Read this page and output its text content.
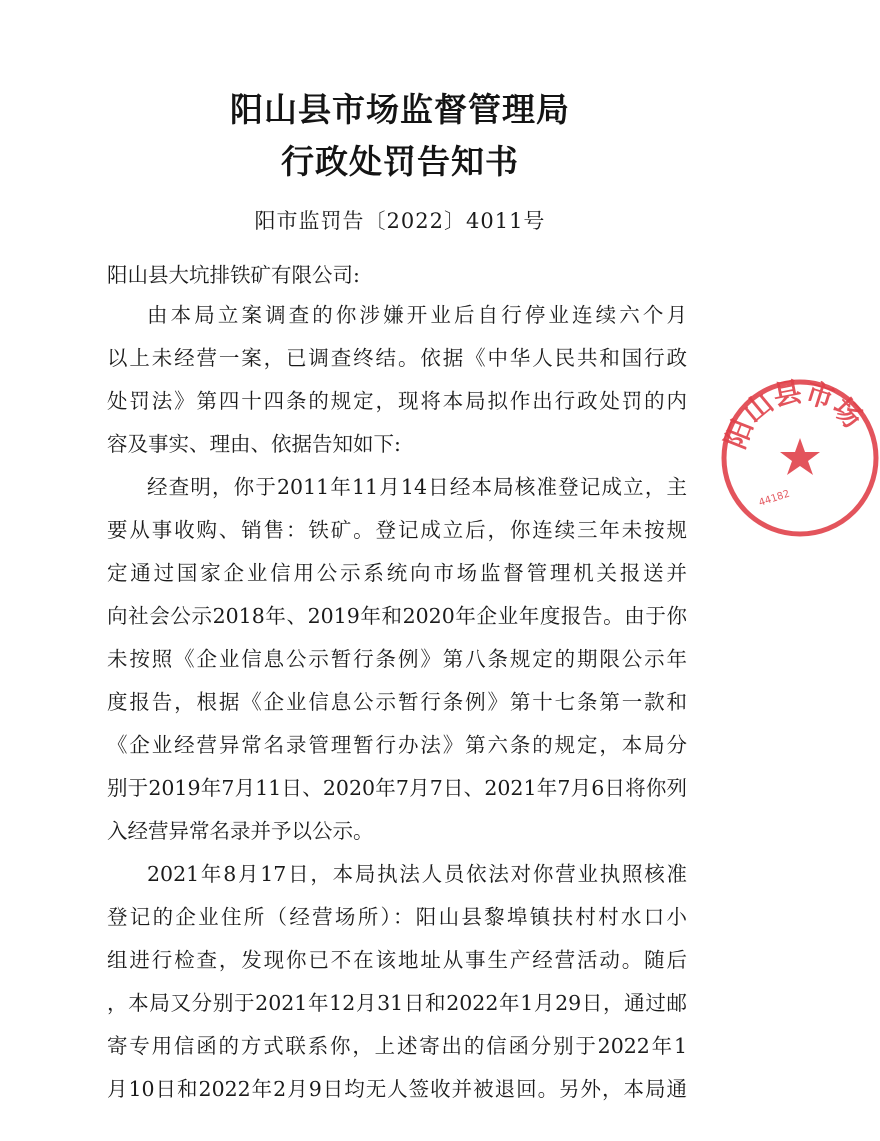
阳山县市场监督管理局
行政处罚告知书
阳市监罚告〔2022〕4011号
阳山县大坑排铁矿有限公司:
由本局立案调查的你涉嫌开业后自行停业连续六个月
以上未经营一案，已调查终结。依据《中华人民共和国行政
处罚法》第四十四条的规定，现将本局拟作出行政处罚的内
容及事实、理由、依据告知如下:
经查明，你于2011年11月14日经本局核准登记成立，主
要从事收购、销售：铁矿。登记成立后，你连续三年未按规
定通过国家企业信用公示系统向市场监督管理机关报送并
向社会公示2018年、2019年和2020年企业年度报告。由于你
未按照《企业信息公示暂行条例》第八条规定的期限公示年
度报告，根据《企业信息公示暂行条例》第十七条第一款和
《企业经营异常名录管理暂行办法》第六条的规定，本局分
别于2019年7月11日、2020年7月7日、2021年7月6日将你列
入经营异常名录并予以公示。
2021年8月17日，本局执法人员依法对你营业执照核准
登记的企业住所（经营场所）：阳山县黎埠镇扶村村水口小
组进行检查，发现你已不在该地址从事生产经营活动。随后
，本局又分别于2021年12月31日和2022年1月29日，通过邮
寄专用信函的方式联系你，上述寄出的信函分别于2022年1
月10日和2022年2月9日均无人签收并被退回。另外，本局通
阳山县市场
44182
